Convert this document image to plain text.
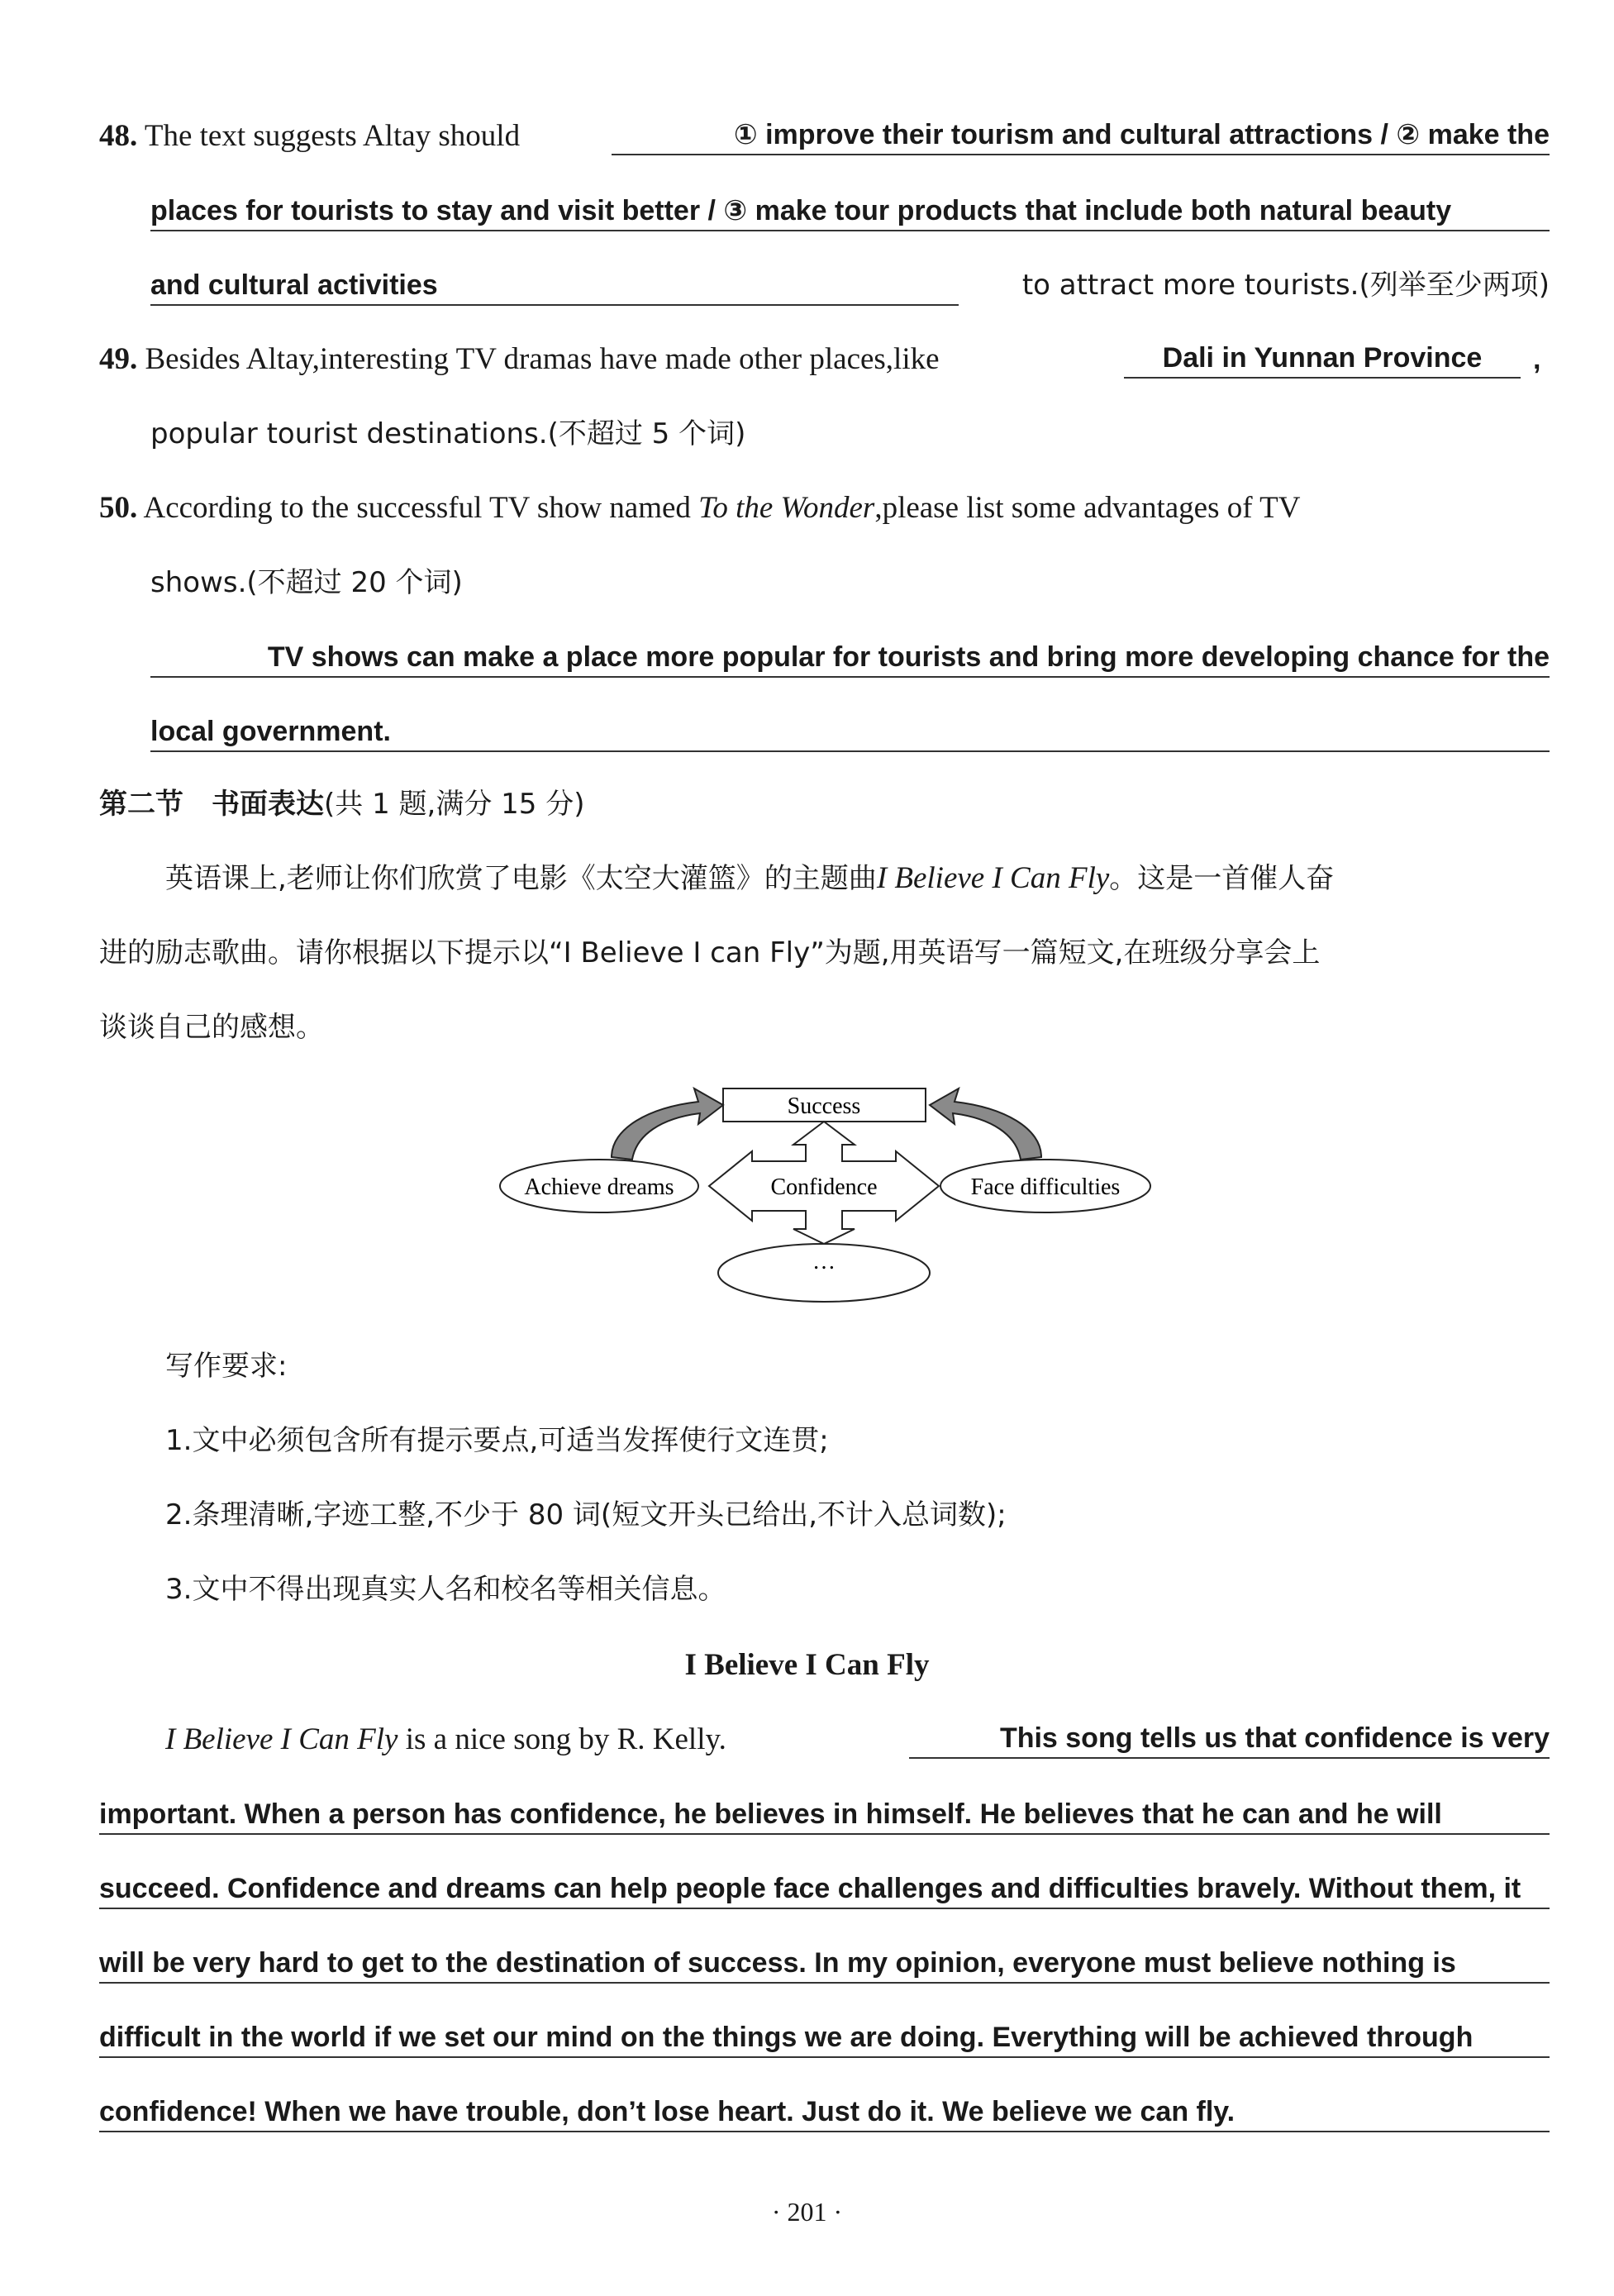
48. The text suggests Altay should	① improve their tourism and cultural attractions / ② make the
places for tourists to stay and visit better / ③ make tour products that include both natural beauty
and cultural activities	to attract more tourists.(列举至少两项)
49. Besides Altay,interesting TV dramas have made other places,like	Dali in Yunnan Province	,
popular tourist destinations.(不超过 5 个词)
50. According to the successful TV show named To the Wonder,please list some advantages of TV
shows.(不超过 20 个词)
TV shows can make a place more popular for tourists and bring more developing chance for the
local government.
第二节　书面表达(共 1 题,满分 15 分)
英语课上,老师让你们欣赏了电影《太空大灌篮》的主题曲I Believe I Can Fly。这是一首催人奋
进的励志歌曲。请你根据以下提示以“I Believe I can Fly”为题,用英语写一篇短文,在班级分享会上
谈谈自己的感想。
Success
Achieve dreams	Face difficulties
…
Confidence
写作要求:
1.文中必须包含所有提示要点,可适当发挥使行文连贯;
2.条理清晰,字迹工整,不少于 80 词(短文开头已给出,不计入总词数);
3.文中不得出现真实人名和校名等相关信息。
I Believe I Can Fly
I Believe I Can Fly is a nice song by R. Kelly.	This song tells us that confidence is very
important. When a person has confidence, he believes in himself. He believes that he can and he will
succeed. Confidence and dreams can help people face challenges and difficulties bravely. Without them, it
will be very hard to get to the destination of success. In my opinion, everyone must believe nothing is
difficult in the world if we set our mind on the things we are doing. Everything will be achieved through
confidence! When we have trouble, don’t lose heart. Just do it. We believe we can fly.
· 201 ·
